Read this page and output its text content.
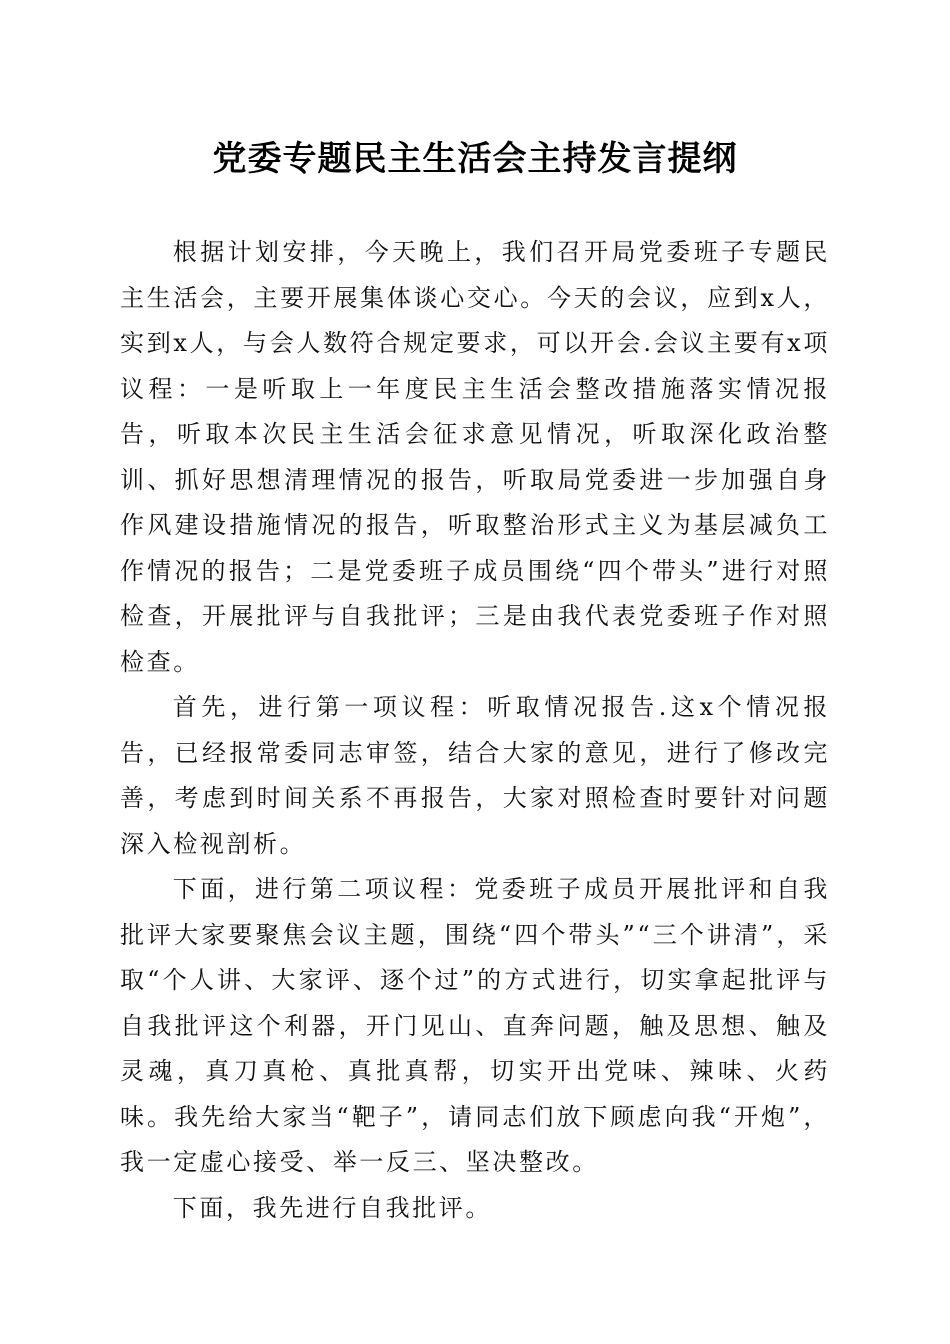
党委专题民主生活会主持发言提纲

根据计划安排，今天晚上，我们召开局党委班子专题民主生活会，主要开展集体谈心交心。今天的会议，应到x人，实到x人，与会人数符合规定要求，可以开会.会议主要有x项议程：一是听取上一年度民主生活会整改措施落实情况报告，听取本次民主生活会征求意见情况，听取深化政治整训、抓好思想清理情况的报告，听取局党委进一步加强自身作风建设措施情况的报告，听取整治形式主义为基层减负工作情况的报告；二是党委班子成员围绕“四个带头”进行对照检查，开展批评与自我批评；三是由我代表党委班子作对照检查。

首先，进行第一项议程：听取情况报告.这x个情况报告，已经报常委同志审签，结合大家的意见，进行了修改完善，考虑到时间关系不再报告，大家对照检查时要针对问题深入检视剖析。

下面，进行第二项议程：党委班子成员开展批评和自我批评大家要聚焦会议主题，围绕“四个带头”“三个讲清”，采取“个人讲、大家评、逐个过”的方式进行，切实拿起批评与自我批评这个利器，开门见山、直奔问题，触及思想、触及灵魂，真刀真枪、真批真帮，切实开出党味、辣味、火药味。我先给大家当“靶子”，请同志们放下顾虑向我“开炮”，我一定虚心接受、举一反三、坚决整改。

下面，我先进行自我批评。
